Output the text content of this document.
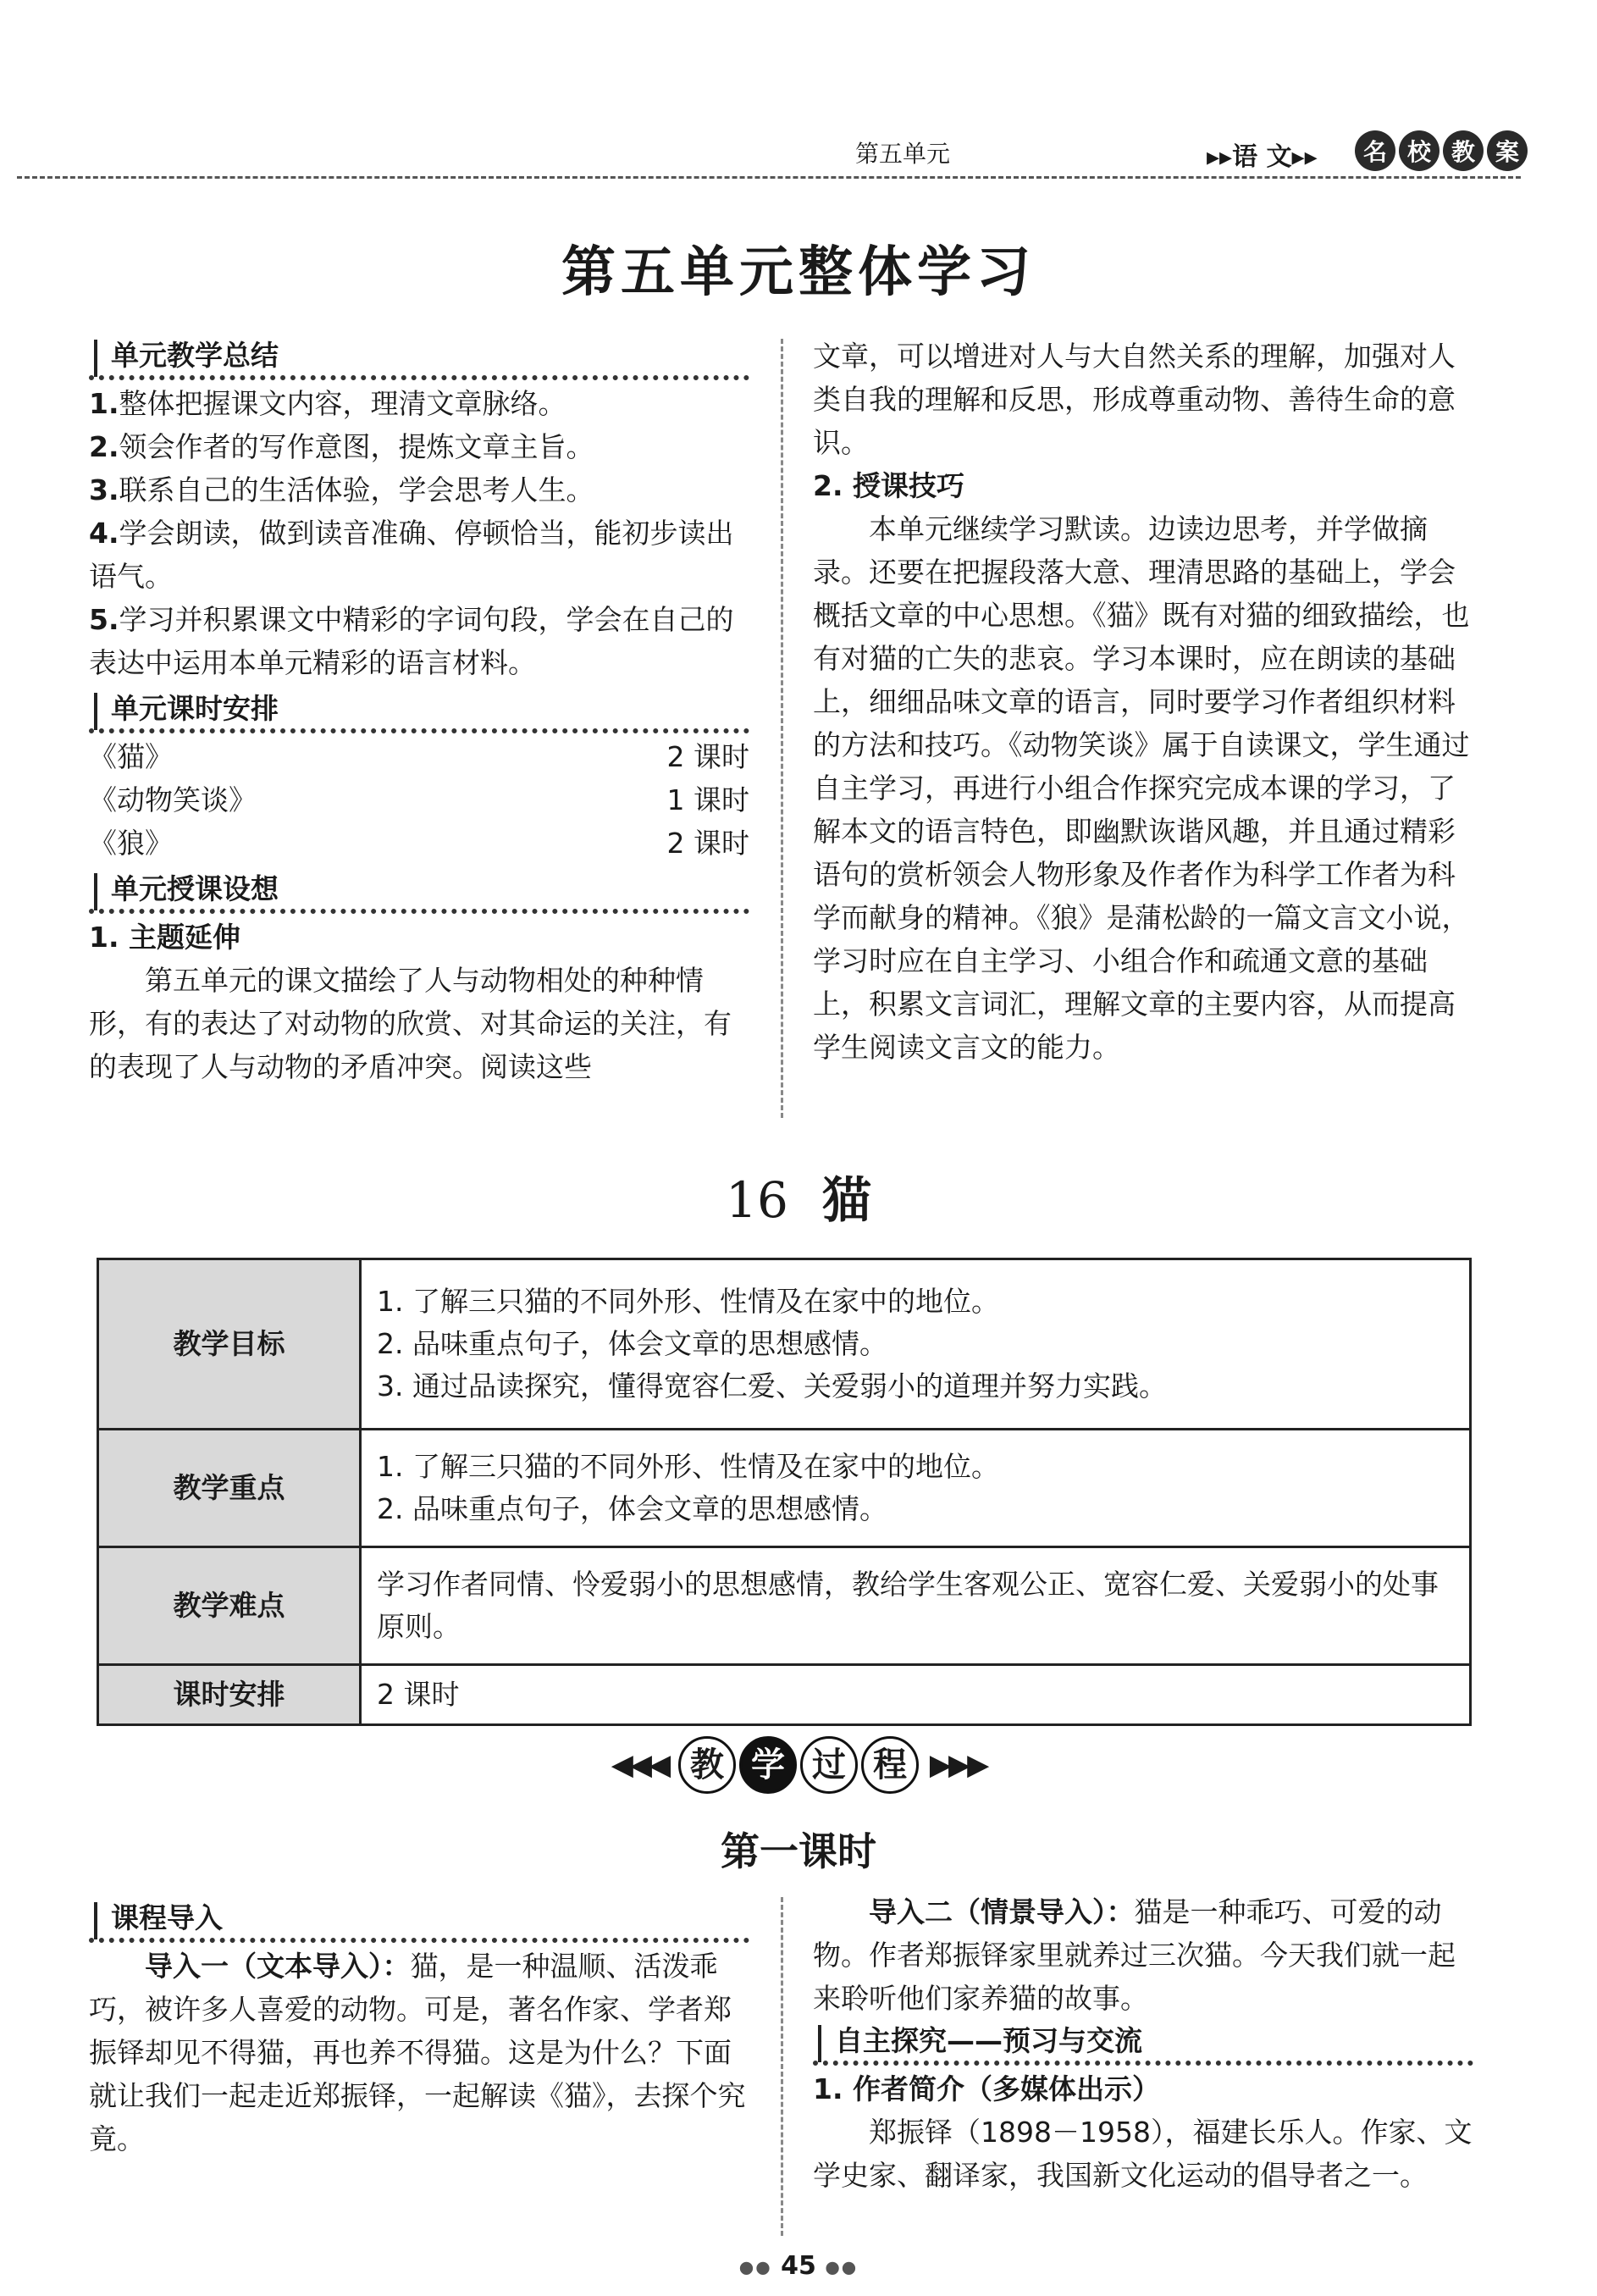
第五单元	▸▸语 文▸▸	名 校 教 案
第五单元整体学习
单元教学总结

1.整体把握课文内容，理清文章脉络。

2.领会作者的写作意图，提炼文章主旨。

3.联系自己的生活体验，学会思考人生。

4.学会朗读，做到读音准确、停顿恰当，能初步读出语气。

5.学习并积累课文中精彩的字词句段，学会在自己的表达中运用本单元精彩的语言材料。

单元课时安排
《猫》	2 课时
《动物笑谈》	1 课时
《狼》	2 课时
单元授课设想

1. 主题延伸

第五单元的课文描绘了人与动物相处的种种情形，有的表达了对动物的欣赏、对其命运的关注，有的表现了人与动物的矛盾冲突。阅读这些

文章，可以增进对人与大自然关系的理解，加强对人类自我的理解和反思，形成尊重动物、善待生命的意识。

2. 授课技巧

本单元继续学习默读。边读边思考，并学做摘录。还要在把握段落大意、理清思路的基础上，学会概括文章的中心思想。《猫》既有对猫的细致描绘，也有对猫的亡失的悲哀。学习本课时，应在朗读的基础上，细细品味文章的语言，同时要学习作者组织材料的方法和技巧。《动物笑谈》属于自读课文，学生通过自主学习，再进行小组合作探究完成本课的学习，了解本文的语言特色，即幽默诙谐风趣，并且通过精彩语句的赏析领会人物形象及作者作为科学工作者为科学而献身的精神。《狼》是蒲松龄的一篇文言文小说，学习时应在自主学习、小组合作和疏通文意的基础上，积累文言词汇，理解文章的主要内容，从而提高学生阅读文言文的能力。

16 猫
教学目标	1. 了解三只猫的不同外形、性情及在家中的地位。
2. 品味重点句子，体会文章的思想感情。
3. 通过品读探究，懂得宽容仁爱、关爱弱小的道理并努力实践。

教学重点	1. 了解三只猫的不同外形、性情及在家中的地位。
2. 品味重点句子，体会文章的思想感情。

教学难点	学习作者同情、怜爱弱小的思想感情，教给学生客观公正、宽容仁爱、关爱弱小的处事原则。

课时安排	2 课时
◀◀◀ 教 学 过 程 ▶▶▶
第一课时
课程导入

导入一（文本导入）：猫，是一种温顺、活泼乖巧，被许多人喜爱的动物。可是，著名作家、学者郑振铎却见不得猫，再也养不得猫。这是为什么？下面就让我们一起走近郑振铎，一起解读《猫》，去探个究竟。

导入二（情景导入）：猫是一种乖巧、可爱的动物。作者郑振铎家里就养过三次猫。今天我们就一起来聆听他们家养猫的故事。

自主探究——预习与交流

1. 作者简介（多媒体出示）

郑振铎（1898－1958），福建长乐人。作家、文学史家、翻译家，我国新文化运动的倡导者之一。

●● 45 ●●
